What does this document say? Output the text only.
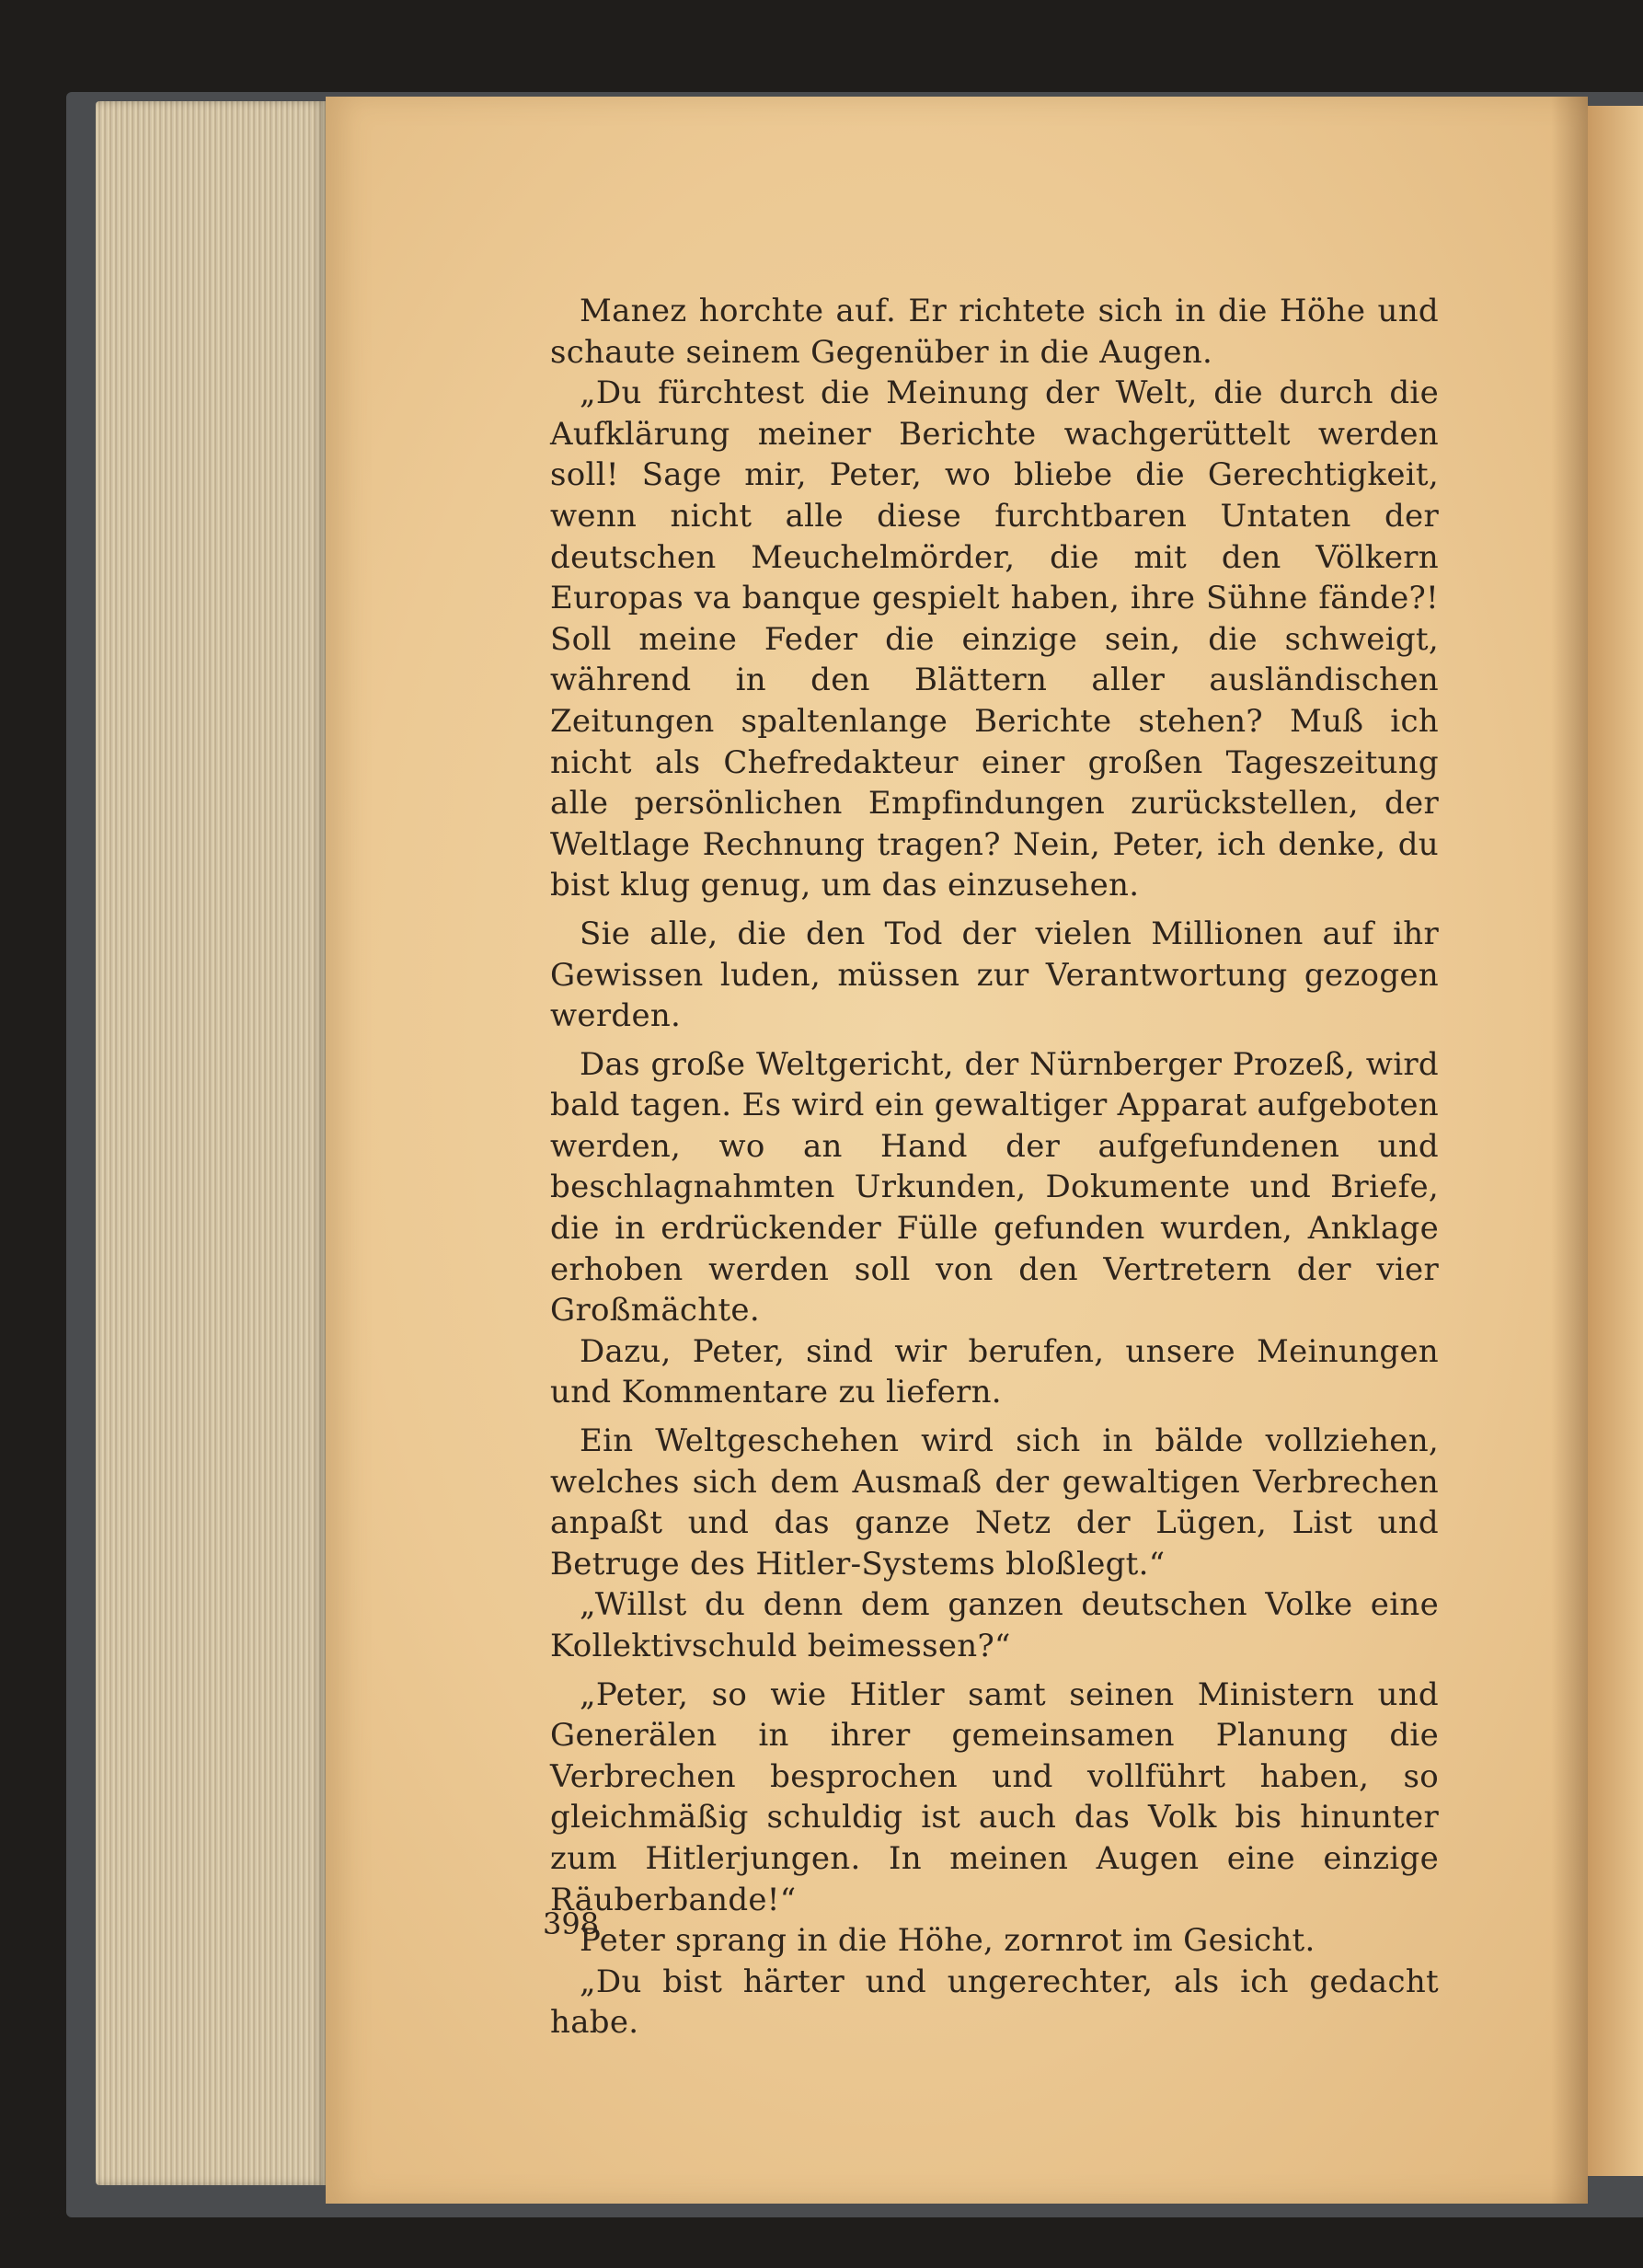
Manez horchte auf. Er richtete sich in die Höhe und schaute seinem Gegenüber in die Augen.

„Du fürchtest die Meinung der Welt, die durch die Aufklärung meiner Berichte wachgerüttelt werden soll! Sage mir, Peter, wo bliebe die Gerechtigkeit, wenn nicht alle diese furchtbaren Untaten der deutschen Meuchelmörder, die mit den Völkern Europas va banque gespielt haben, ihre Sühne fände?! Soll meine Feder die einzige sein, die schweigt, während in den Blättern aller ausländischen Zeitungen spaltenlange Berichte stehen? Muß ich nicht als Chefredakteur einer großen Tageszeitung alle persönlichen Empfindungen zurückstellen, der Weltlage Rechnung tragen? Nein, Peter, ich denke, du bist klug genug, um das einzusehen.

Sie alle, die den Tod der vielen Millionen auf ihr Gewissen luden, müssen zur Verantwortung gezogen werden.

Das große Weltgericht, der Nürnberger Prozeß, wird bald tagen. Es wird ein gewaltiger Apparat aufgeboten werden, wo an Hand der aufgefundenen und beschlagnahmten Urkunden, Dokumente und Briefe, die in erdrückender Fülle gefunden wurden, Anklage erhoben werden soll von den Vertretern der vier Großmächte.

Dazu, Peter, sind wir berufen, unsere Meinungen und Kommentare zu liefern.

Ein Weltgeschehen wird sich in bälde vollziehen, welches sich dem Ausmaß der gewaltigen Verbrechen anpaßt und das ganze Netz der Lügen, List und Betruge des Hitler-Systems bloßlegt.“

„Willst du denn dem ganzen deutschen Volke eine Kollektivschuld beimessen?“

„Peter, so wie Hitler samt seinen Ministern und Generälen in ihrer gemeinsamen Planung die Verbrechen besprochen und vollführt haben, so gleichmäßig schuldig ist auch das Volk bis hinunter zum Hitlerjungen. In meinen Augen eine einzige Räuberbande!“

Peter sprang in die Höhe, zornrot im Gesicht.

„Du bist härter und ungerechter, als ich gedacht habe.

398
